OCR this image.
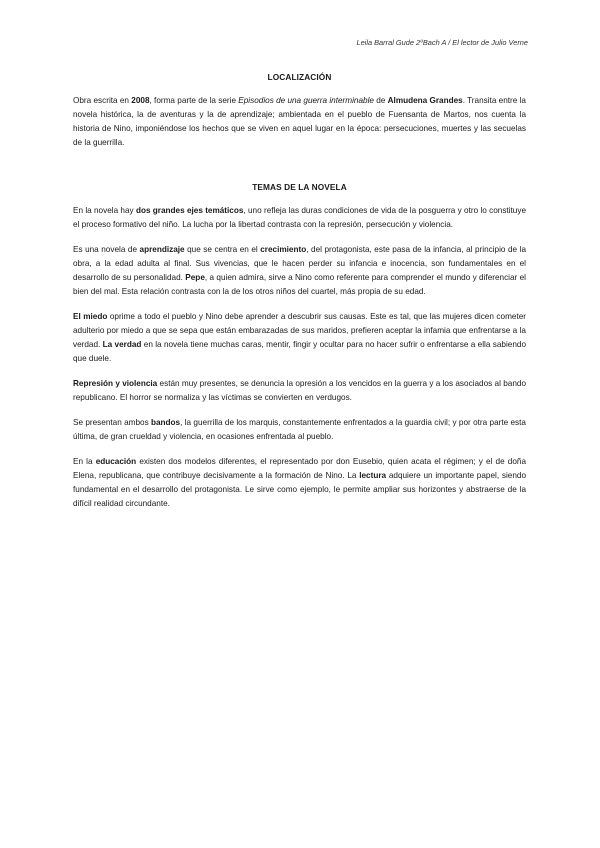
Leila Barral Gude 2ºBach A / El lector de Julio Verne
LOCALIZACIÓN

Obra escrita en 2008, forma parte de la serie Episodios de una guerra interminable de Almudena Grandes. Transita entre la novela histórica, la de aventuras y la de aprendizaje; ambientada en el pueblo de Fuensanta de Martos, nos cuenta la historia de Nino, imponiéndose los hechos que se viven en aquel lugar en la época: persecuciones, muertes y las secuelas de la guerrilla.

TEMAS DE LA NOVELA

En la novela hay dos grandes ejes temáticos, uno refleja las duras condiciones de vida de la posguerra y otro lo constituye el proceso formativo del niño. La lucha por la libertad contrasta con la represión, persecución y violencia.

Es una novela de aprendizaje que se centra en el crecimiento, del protagonista, este pasa de la infancia, al principio de la obra, a la edad adulta al final. Sus vivencias, que le hacen perder su infancia e inocencia, son fundamentales en el desarrollo de su personalidad. Pepe, a quien admira, sirve a Nino como referente para comprender el mundo y diferenciar el bien del mal. Esta relación contrasta con la de los otros niños del cuartel, más propia de su edad.

El miedo oprime a todo el pueblo y Nino debe aprender a descubrir sus causas. Este es tal, que las mujeres dicen cometer adulterio por miedo a que se sepa que están embarazadas de sus maridos, prefieren aceptar la infamia que enfrentarse a la verdad. La verdad en la novela tiene muchas caras, mentir, fingir y ocultar para no hacer sufrir o enfrentarse a ella sabiendo que duele.

Represión y violencia están muy presentes, se denuncia la opresión a los vencidos en la guerra y a los asociados al bando republicano. El horror se normaliza y las víctimas se convierten en verdugos.

Se presentan ambos bandos, la guerrilla de los marquis, constantemente enfrentados a la guardia civil; y por otra parte esta última, de gran crueldad y violencia, en ocasiones enfrentada al pueblo.

En la educación existen dos modelos diferentes, el representado por don Eusebio, quien acata el régimen; y el de doña Elena, republicana, que contribuye decisivamente a la formación de Nino. La lectura adquiere un importante papel, siendo fundamental en el desarrollo del protagonista. Le sirve como ejemplo, le permite ampliar sus horizontes y abstraerse de la difícil realidad circundante.
